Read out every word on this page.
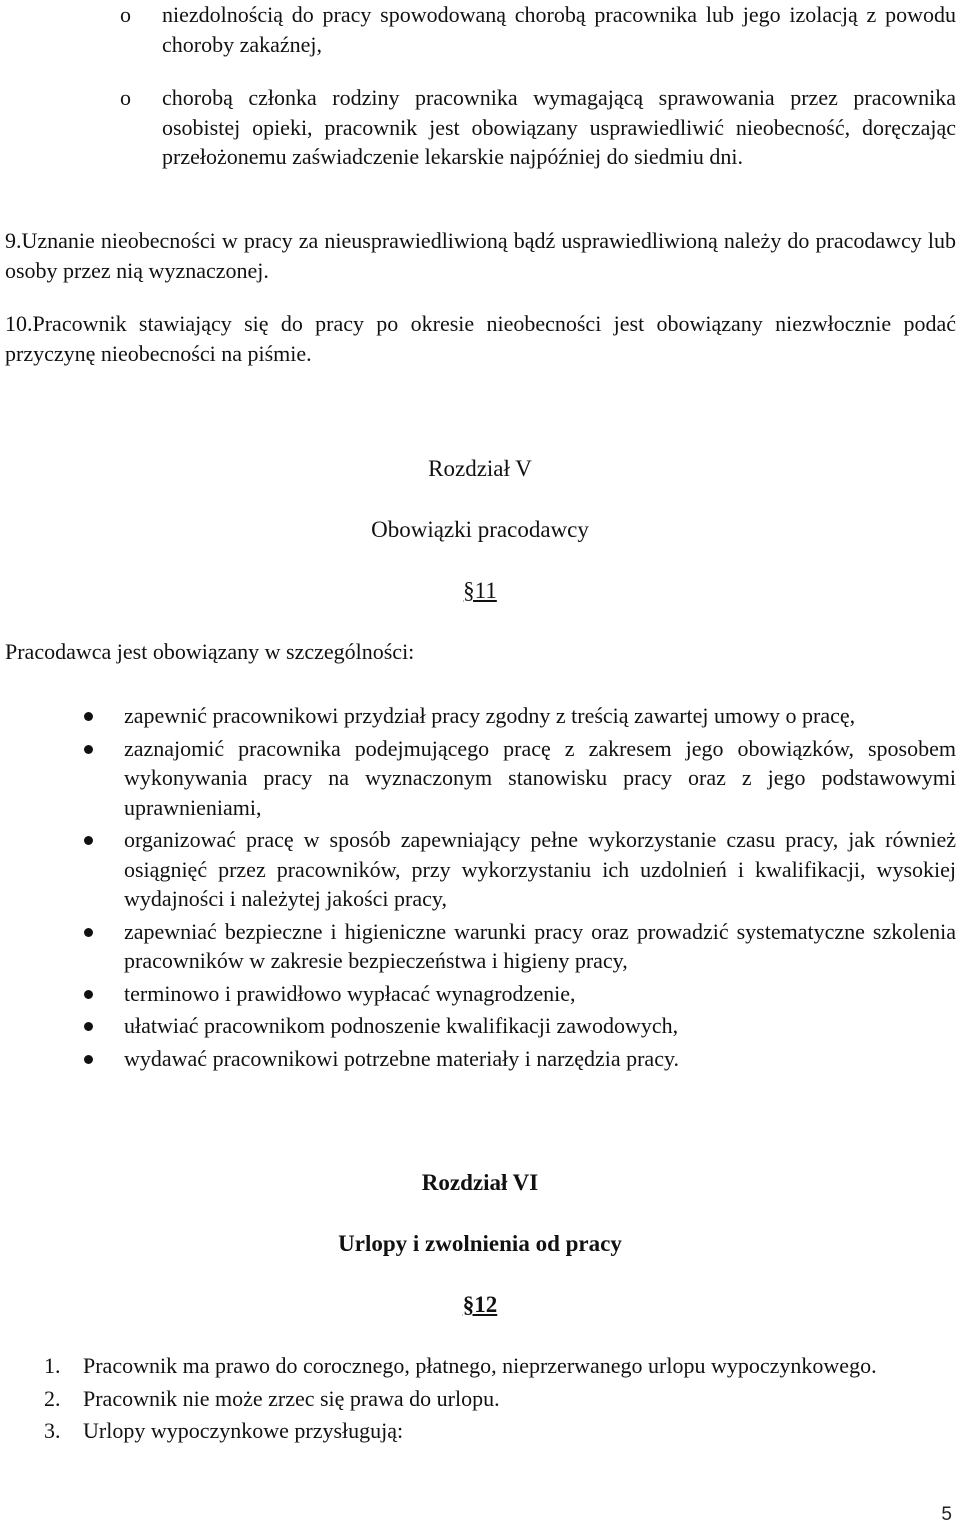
o niezdolnością do pracy spowodowaną chorobą pracownika lub jego izolacją z powodu choroby zakaźnej,

o chorobą członka rodziny pracownika wymagającą sprawowania przez pracownika osobistej opieki, pracownik jest obowiązany usprawiedliwić nieobecność, doręczając przełożonemu zaświadczenie lekarskie najpóźniej do siedmiu dni.

9.Uznanie nieobecności w pracy za nieusprawiedliwioną bądź usprawiedliwioną należy do pracodawcy lub osoby przez nią wyznaczonej.

10.Pracownik stawiający się do pracy po okresie nieobecności jest obowiązany niezwłocznie podać przyczynę nieobecności na piśmie.

Rozdział V
Obowiązki pracodawcy
§11

Pracodawca jest obowiązany w szczególności:

zapewnić pracownikowi przydział pracy zgodny z treścią zawartej umowy o pracę,

zaznajomić pracownika podejmującego pracę z zakresem jego obowiązków, sposobem wykonywania pracy na wyznaczonym stanowisku pracy oraz z jego podstawowymi uprawnieniami,

organizować pracę w sposób zapewniający pełne wykorzystanie czasu pracy, jak również osiągnięć przez pracowników, przy wykorzystaniu ich uzdolnień i kwalifikacji, wysokiej wydajności i należytej jakości pracy,

zapewniać bezpieczne i higieniczne warunki pracy oraz prowadzić systematyczne szkolenia pracowników w zakresie bezpieczeństwa i higieny pracy,

terminowo i prawidłowo wypłacać wynagrodzenie,

ułatwiać pracownikom podnoszenie kwalifikacji zawodowych,

wydawać pracownikowi potrzebne materiały i narzędzia pracy.

Rozdział VI
Urlopy i zwolnienia od pracy
§12
1. Pracownik ma prawo do corocznego, płatnego, nieprzerwanego urlopu wypoczynkowego.

2. Pracownik nie może zrzec się prawa do urlopu.

3. Urlopy wypoczynkowe przysługują:

5
